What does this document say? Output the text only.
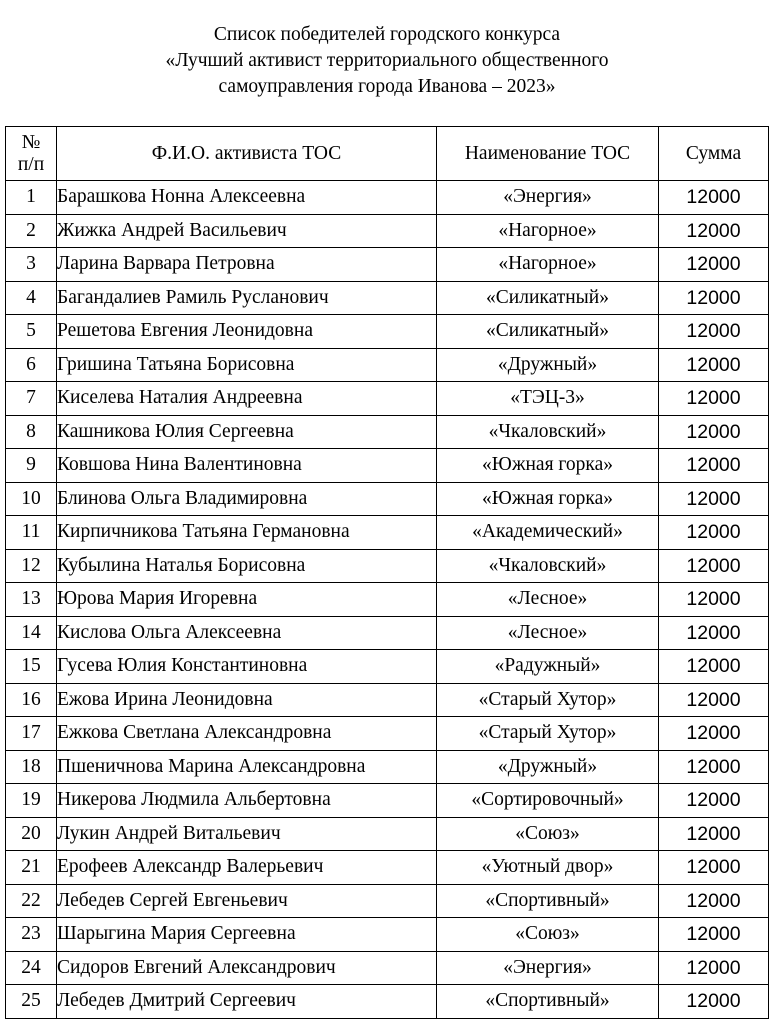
Список победителей городского конкурса
«Лучший активист территориального общественного
самоуправления города Иванова – 2023»
№
п/п	Ф.И.О. активиста ТОС	Наименование ТОС	Сумма
1	Барашкова Нонна Алексеевна	«Энергия»	12000
2	Жижка Андрей Васильевич	«Нагорное»	12000
3	Ларина Варвара Петровна	«Нагорное»	12000
4	Багандалиев Рамиль Русланович	«Силикатный»	12000
5	Решетова Евгения Леонидовна	«Силикатный»	12000
6	Гришина Татьяна Борисовна	«Дружный»	12000
7	Киселева Наталия Андреевна	«ТЭЦ-3»	12000
8	Кашникова Юлия Сергеевна	«Чкаловский»	12000
9	Ковшова Нина Валентиновна	«Южная горка»	12000
10	Блинова Ольга Владимировна	«Южная горка»	12000
11	Кирпичникова Татьяна Германовна	«Академический»	12000
12	Кубылина Наталья Борисовна	«Чкаловский»	12000
13	Юрова Мария Игоревна	«Лесное»	12000
14	Кислова Ольга Алексеевна	«Лесное»	12000
15	Гусева Юлия Константиновна	«Радужный»	12000
16	Ежова Ирина Леонидовна	«Старый Хутор»	12000
17	Ежкова Светлана Александровна	«Старый Хутор»	12000
18	Пшеничнова Марина Александровна	«Дружный»	12000
19	Никерова Людмила Альбертовна	«Сортировочный»	12000
20	Лукин Андрей Витальевич	«Союз»	12000
21	Ерофеев Александр Валерьевич	«Уютный двор»	12000
22	Лебедев Сергей Евгеньевич	«Спортивный»	12000
23	Шарыгина Мария Сергеевна	«Союз»	12000
24	Сидоров Евгений Александрович	«Энергия»	12000
25	Лебедев Дмитрий Сергеевич	«Спортивный»	12000
